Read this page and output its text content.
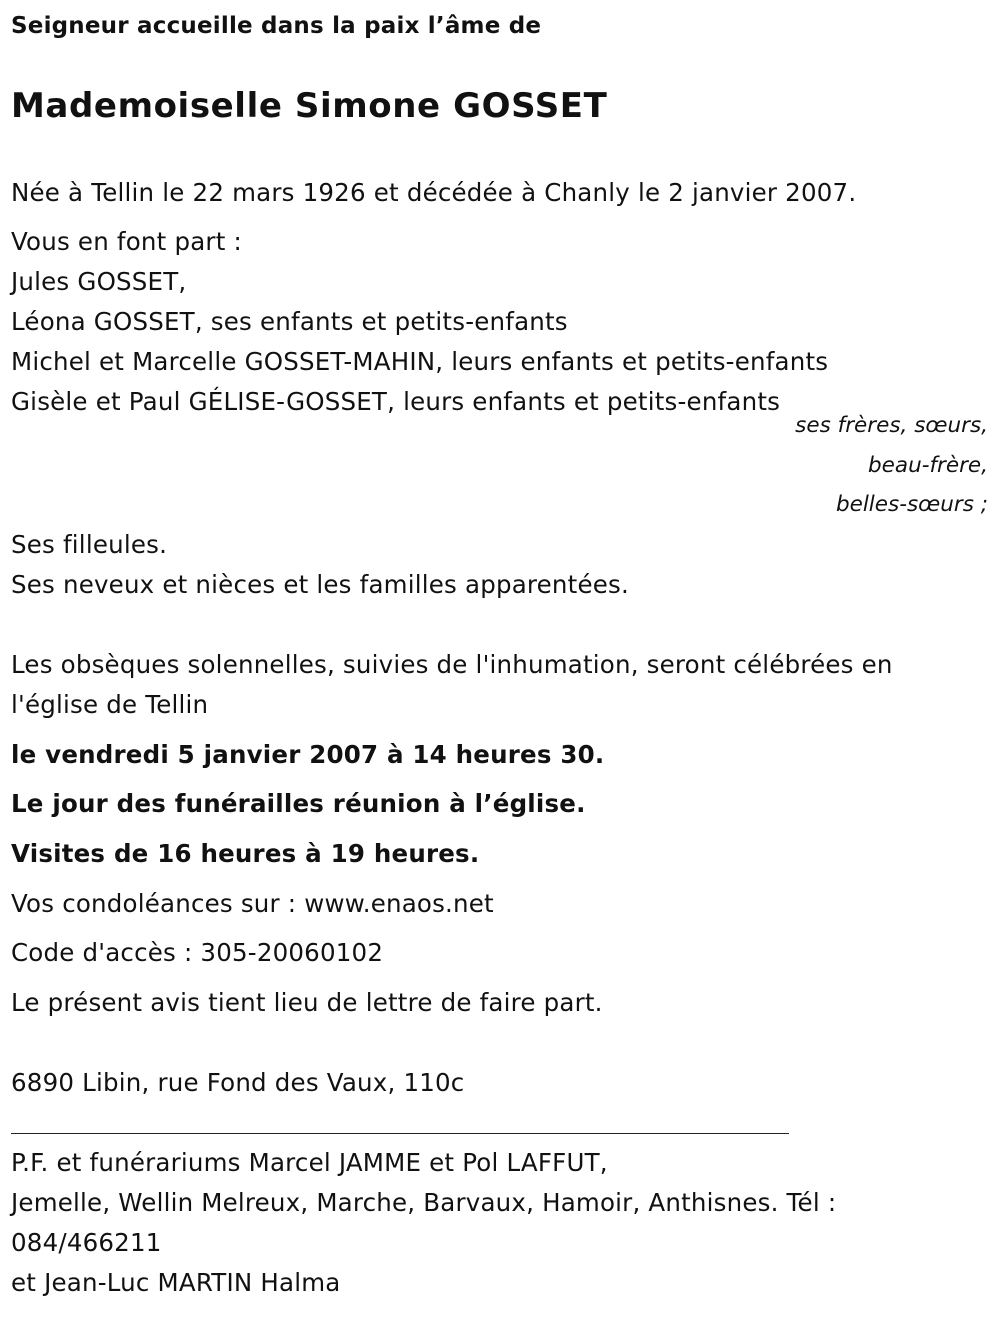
Seigneur accueille dans la paix l’âme de
Mademoiselle Simone GOSSET
Née à Tellin le 22 mars 1926 et décédée à Chanly le 2 janvier 2007.
Vous en font part :
Jules GOSSET,
Léona GOSSET, ses enfants et petits-enfants
Michel et Marcelle GOSSET-MAHIN, leurs enfants et petits-enfants
Gisèle et Paul GÉLISE-GOSSET, leurs enfants et petits-enfants
ses frères, sœurs,
beau-frère,
belles-sœurs ;
Ses filleules.
Ses neveux et nièces et les familles apparentées.
Les obsèques solennelles, suivies de l'inhumation, seront célébrées en
l'église de Tellin
le vendredi 5 janvier 2007 à 14 heures 30.
Le jour des funérailles réunion à l’église.
Visites de 16 heures à 19 heures.
Vos condoléances sur : www.enaos.net
Code d'accès : 305-20060102
Le présent avis tient lieu de lettre de faire part.
6890 Libin, rue Fond des Vaux, 110c
P.F. et funérariums Marcel JAMME et Pol LAFFUT,
Jemelle, Wellin Melreux, Marche, Barvaux, Hamoir, Anthisnes. Tél :
084/466211
et Jean-Luc MARTIN Halma
